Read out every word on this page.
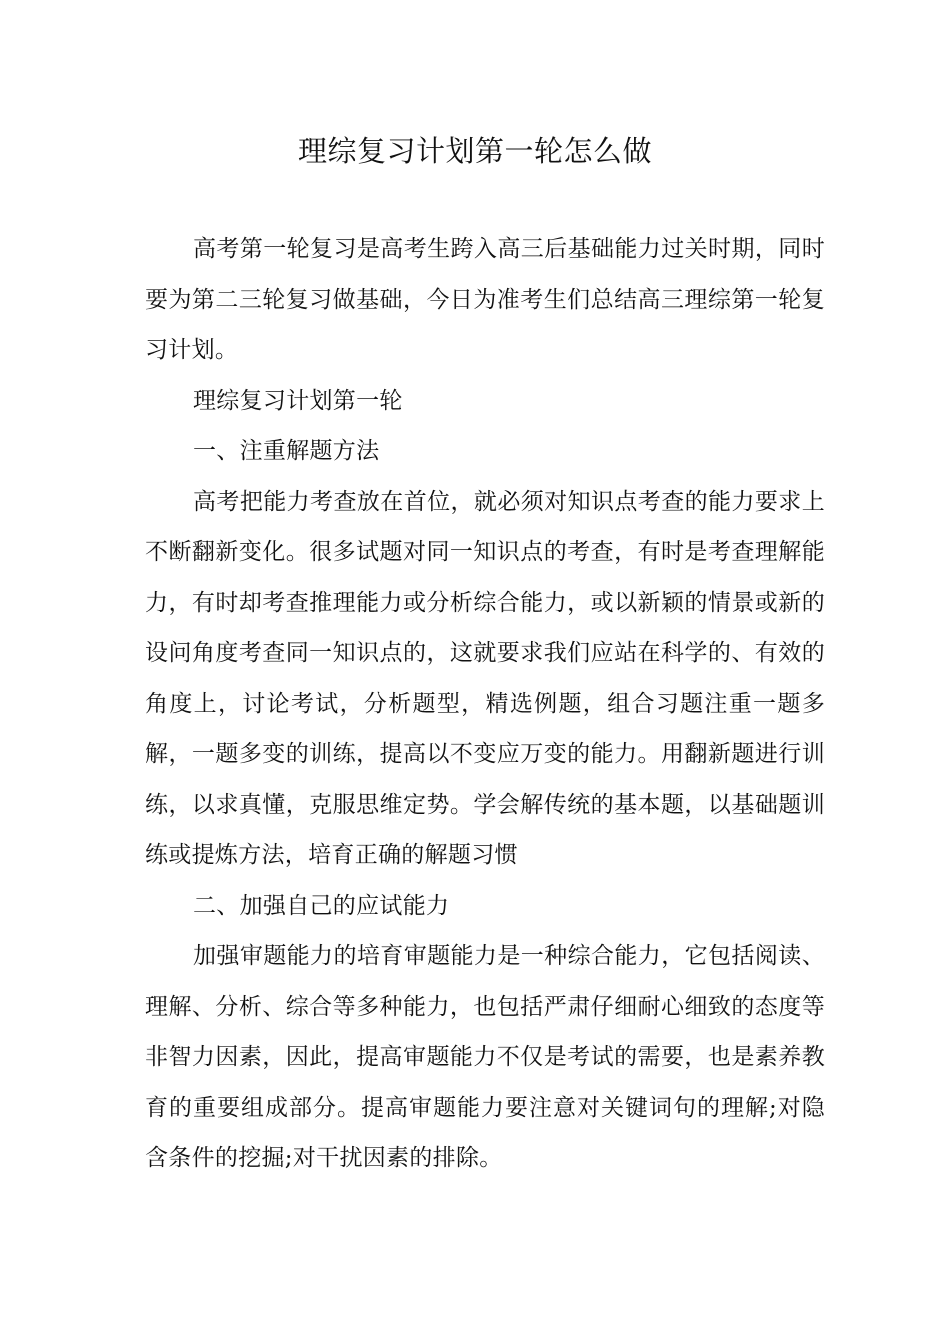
理综复习计划第一轮怎么做

高考第一轮复习是高考生跨入高三后基础能力过关时期，同时要为第二三轮复习做基础，今日为准考生们总结高三理综第一轮复习计划。

理综复习计划第一轮

一、注重解题方法

高考把能力考查放在首位，就必须对知识点考查的能力要求上不断翻新变化。很多试题对同一知识点的考查，有时是考查理解能力，有时却考查推理能力或分析综合能力，或以新颖的情景或新的设问角度考查同一知识点的，这就要求我们应站在科学的、有效的角度上，讨论考试，分析题型，精选例题，组合习题注重一题多解，一题多变的训练，提高以不变应万变的能力。用翻新题进行训练，以求真懂，克服思维定势。学会解传统的基本题，以基础题训练或提炼方法，培育正确的解题习惯

二、加强自己的应试能力

加强审题能力的培育审题能力是一种综合能力，它包括阅读、理解、分析、综合等多种能力，也包括严肃仔细耐心细致的态度等非智力因素，因此，提高审题能力不仅是考试的需要，也是素养教育的重要组成部分。提高审题能力要注意对关键词句的理解;对隐含条件的挖掘;对干扰因素的排除。
